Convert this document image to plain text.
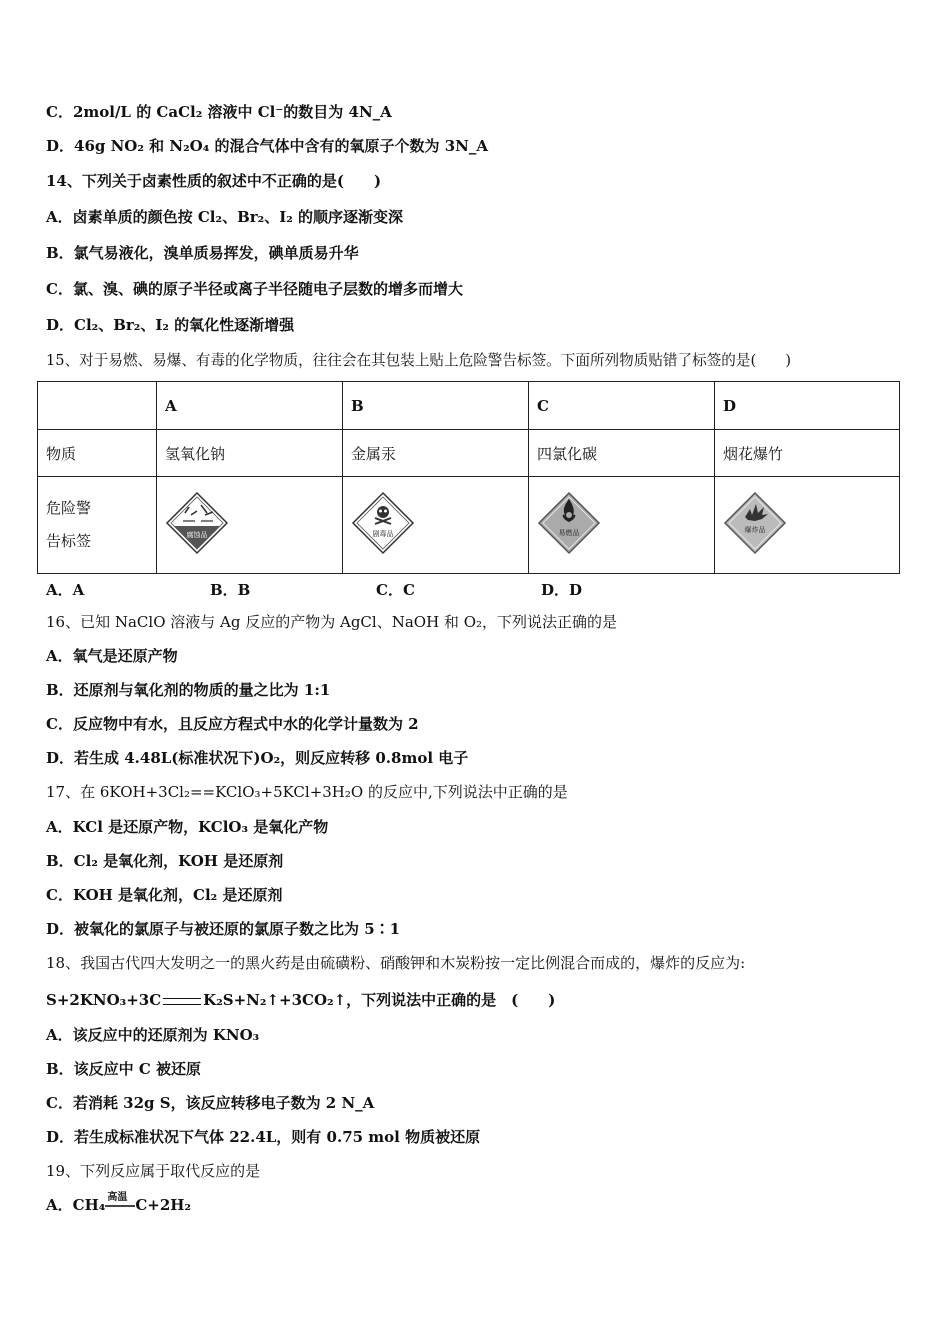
C．2mol/L 的 CaCl₂ 溶液中 Cl⁻的数目为 4N_A
D．46g NO₂ 和 N₂O₄ 的混合气体中含有的氧原子个数为 3N_A
14、下列关于卤素性质的叙述中不正确的是(　　)
A．卤素单质的颜色按 Cl₂、Br₂、I₂ 的顺序逐渐变深
B．氯气易液化，溴单质易挥发，碘单质易升华
C．氯、溴、碘的原子半径或离子半径随电子层数的增多而增大
D．Cl₂、Br₂、I₂ 的氧化性逐渐增强
15、对于易燃、易爆、有毒的化学物质，往往会在其包装上贴上危险警告标签。下面所列物质贴错了标签的是(　　)
	A	B	C	D
物质	氢氧化钠	金属汞	四氯化碳	烟花爆竹

危险警
告标签	腐蚀品	剧毒品	易燃品	爆炸品
A．A	B．B	C．C	D．D
16、已知 NaClO 溶液与 Ag 反应的产物为 AgCl、NaOH 和 O₂，下列说法正确的是
A．氧气是还原产物
B．还原剂与氧化剂的物质的量之比为 1:1
C．反应物中有水，且反应方程式中水的化学计量数为 2
D．若生成 4.48L(标准状况下)O₂，则反应转移 0.8mol 电子
17、在 6KOH+3Cl₂==KClO₃+5KCl+3H₂O 的反应中,下列说法中正确的是
A．KCl 是还原产物，KClO₃ 是氧化产物
B．Cl₂ 是氧化剂，KOH 是还原剂
C．KOH 是氧化剂，Cl₂ 是还原剂
D．被氧化的氯原子与被还原的氯原子数之比为 5∶1
18、我国古代四大发明之一的黑火药是由硫磺粉、硝酸钾和木炭粉按一定比例混合而成的，爆炸的反应为:
S+2KNO₃+3C	K₂S+N₂↑+3CO₂↑，下列说法中正确的是　(　　)
A．该反应中的还原剂为 KNO₃
B．该反应中 C 被还原
C．若消耗 32g S，该反应转移电子数为 2 N_A
D．若生成标准状况下气体 22.4L，则有 0.75 mol 物质被还原
19、下列反应属于取代反应的是
A．CH₄ 高温 C+2H₂
